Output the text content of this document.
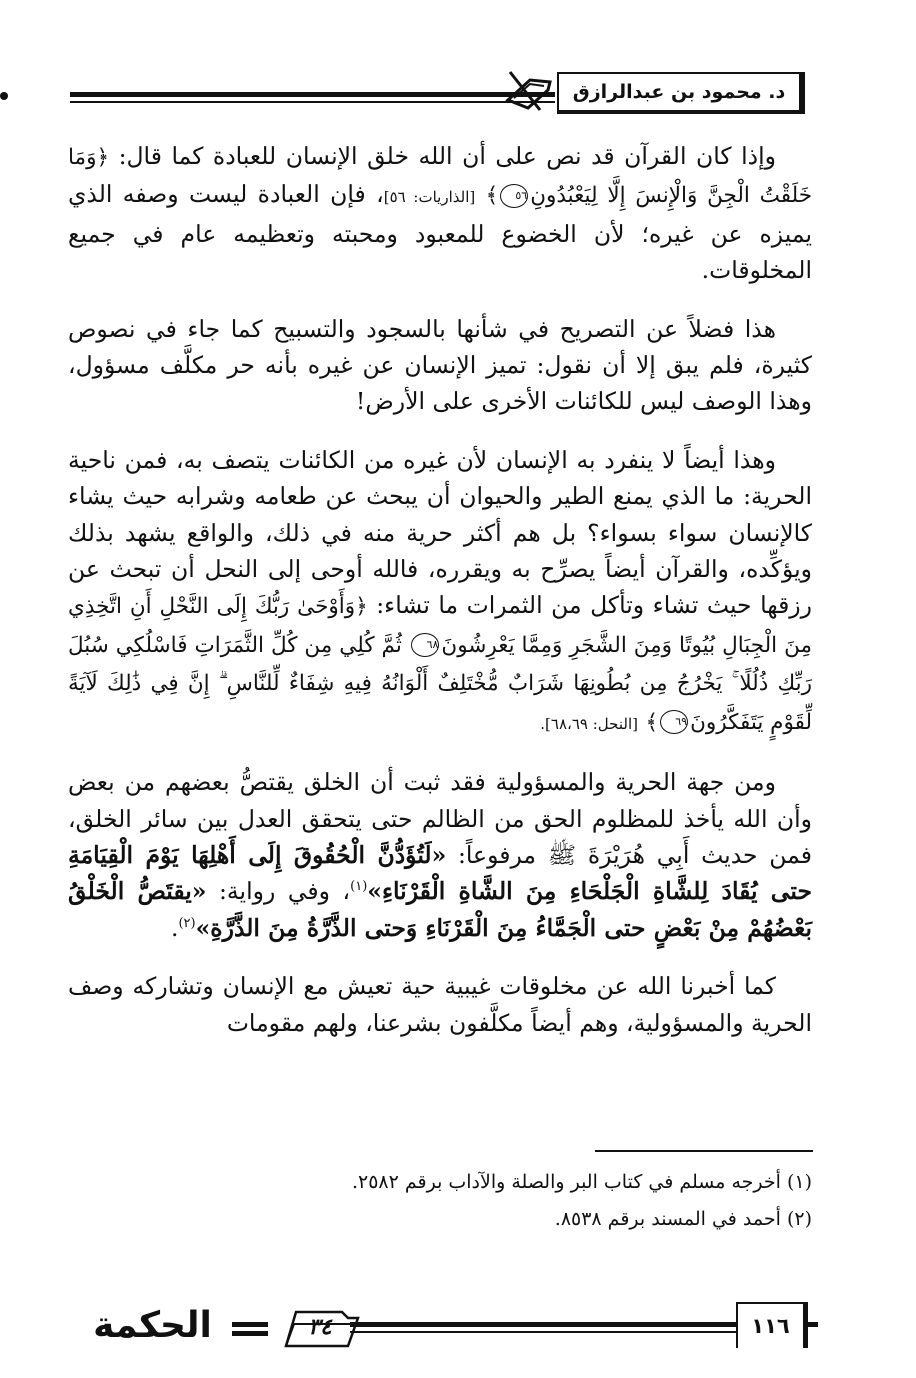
د. محمود بن عبدالرازق

وإذا كان القرآن قد نص على أن الله خلق الإنسان للعبادة كما قال: ﴿وَمَا خَلَقْتُ الْجِنَّ وَالْإِنسَ إِلَّا لِيَعْبُدُونِ٥٦﴾ [الذاريات: ٥٦]، فإن العبادة ليست وصفه الذي يميزه عن غيره؛ لأن الخضوع للمعبود ومحبته وتعظيمه عام في جميع المخلوقات.

هذا فضلاً عن التصريح في شأنها بالسجود والتسبيح كما جاء في نصوص كثيرة، فلم يبق إلا أن نقول: تميز الإنسان عن غيره بأنه حر مكلَّف مسؤول، وهذا الوصف ليس للكائنات الأخرى على الأرض!

وهذا أيضاً لا ينفرد به الإنسان لأن غيره من الكائنات يتصف به، فمن ناحية الحرية: ما الذي يمنع الطير والحيوان أن يبحث عن طعامه وشرابه حيث يشاء كالإنسان سواء بسواء؟ بل هم أكثر حرية منه في ذلك، والواقع يشهد بذلك ويؤكِّده، والقرآن أيضاً يصرِّح به ويقرره، فالله أوحى إلى النحل أن تبحث عن رزقها حيث تشاء وتأكل من الثمرات ما تشاء: ﴿وَأَوْحَىٰ رَبُّكَ إِلَى النَّحْلِ أَنِ اتَّخِذِي مِنَ الْجِبَالِ بُيُوتًا وَمِنَ الشَّجَرِ وَمِمَّا يَعْرِشُونَ٦٨ ثُمَّ كُلِي مِن كُلِّ الثَّمَرَاتِ فَاسْلُكِي سُبُلَ رَبِّكِ ذُلُلًا ۚ يَخْرُجُ مِن بُطُونِهَا شَرَابٌ مُّخْتَلِفٌ أَلْوَانُهُ فِيهِ شِفَاءٌ لِّلنَّاسِ ۗ إِنَّ فِي ذَٰلِكَ لَآيَةً لِّقَوْمٍ يَتَفَكَّرُونَ٦٩﴾ [النحل: ٦٨،٦٩].

ومن جهة الحرية والمسؤولية فقد ثبت أن الخلق يقتصُّ بعضهم من بعض وأن الله يأخذ للمظلوم الحق من الظالم حتى يتحقق العدل بين سائر الخلق، فمن حديث أَبِي هُرَيْرَةَ ﷺ مرفوعاً: «لَتُؤَدُّنَّ الْحُقُوقَ إِلَى أَهْلِهَا يَوْمَ الْقِيَامَةِ حتى يُقَادَ لِلشَّاةِ الْجَلْحَاءِ مِنَ الشَّاةِ الْقَرْنَاءِ»$^{(١)}$، وفي رواية: «يقتَصُّ الْخَلْقُ بَعْضُهُمْ مِنْ بَعْضٍ حتى الْجَمَّاءُ مِنَ الْقَرْنَاءِ وَحتى الذَّرَّةُ مِنَ الذَّرَّةِ»$^{(٢)}$.

كما أخبرنا الله عن مخلوقات غيبية حية تعيش مع الإنسان وتشاركه وصف الحرية والمسؤولية، وهم أيضاً مكلَّفون بشرعنا، ولهم مقومات

(١) أخرجه مسلم في كتاب البر والصلة والآداب برقم ٢٥٨٢.

(٢) أحمد في المسند برقم ٨٥٣٨.

١١٦
٣٤
الحكمة
